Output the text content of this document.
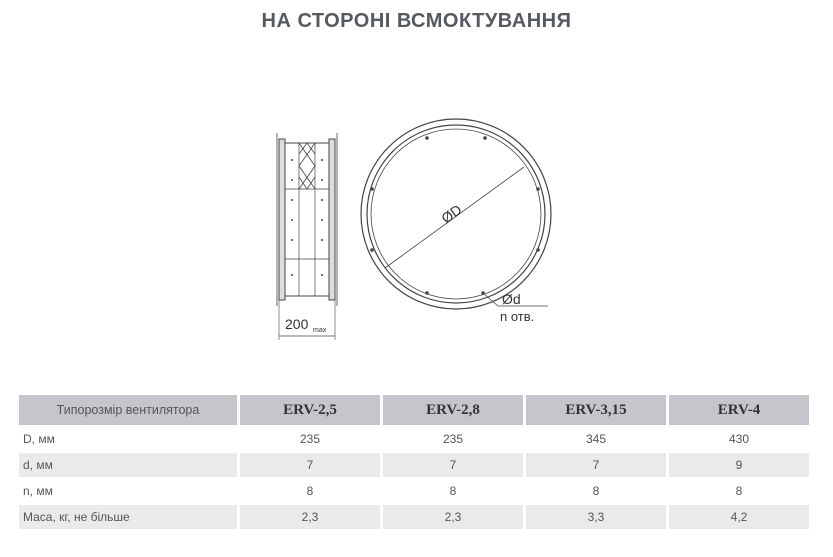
НА СТОРОНІ ВСМОКТУВАННЯ
200 max
ØD
Ød
n отв.
Типорозмір вентилятора	ERV-2,5	ERV-2,8	ERV-3,15	ERV-4
D, мм	235	235	345	430
d, мм	7	7	7	9
n, мм	8	8	8	8
Маса, кг, не більше	2,3	2,3	3,3	4,2
